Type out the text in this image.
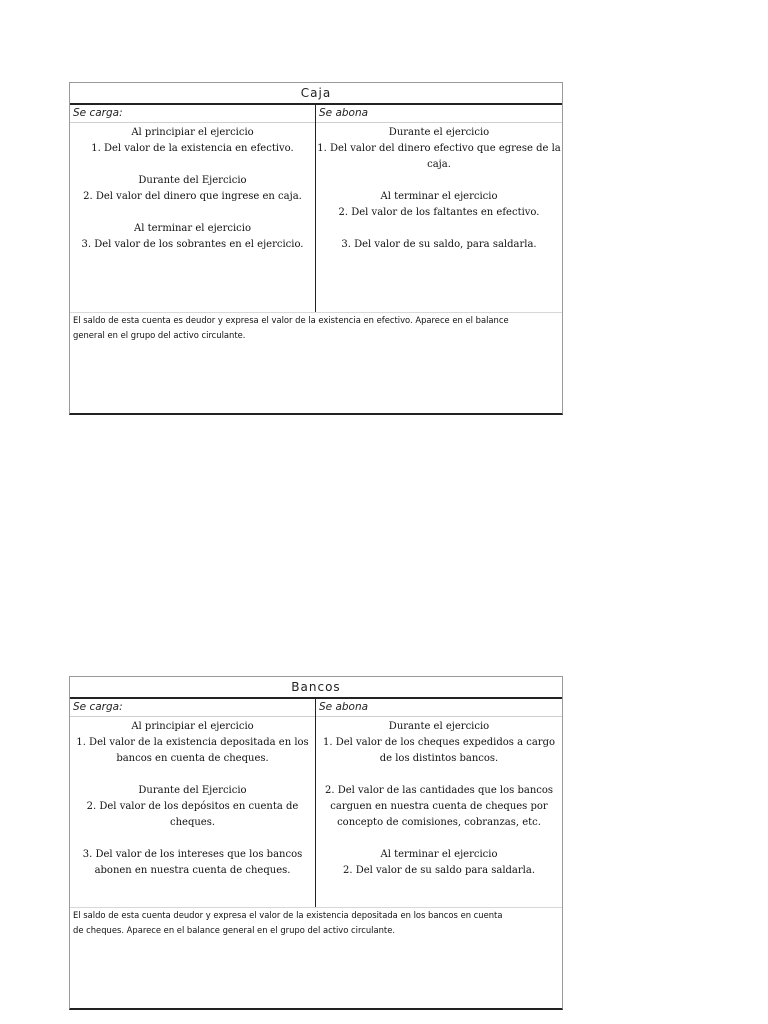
Caja
Se carga:
Al principiar el ejercicio
1. Del valor de la existencia en efectivo.
Durante del Ejercicio
2. Del valor del dinero que ingrese en caja.
Al terminar el ejercicio
3. Del valor de los sobrantes en el ejercicio.
Se abona
Durante el ejercicio
1. Del valor del dinero efectivo que egrese de la
caja.
Al terminar el ejercicio
2. Del valor de los faltantes en efectivo.
3. Del valor de su saldo, para saldarla.
El saldo de esta cuenta es deudor y expresa el valor de la existencia en efectivo. Aparece en el balance
general en el grupo del activo circulante.
Bancos
Se carga:
Al principiar el ejercicio
1. Del valor de la existencia depositada en los
bancos en cuenta de cheques.
Durante del Ejercicio
2. Del valor de los depósitos en cuenta de
cheques.
3. Del valor de los intereses que los bancos
abonen en nuestra cuenta de cheques.
Se abona
Durante el ejercicio
1. Del valor de los cheques expedidos a cargo
de los distintos bancos.
2. Del valor de las cantidades que los bancos
carguen en nuestra cuenta de cheques por
concepto de comisiones, cobranzas, etc.
Al terminar el ejercicio
2. Del valor de su saldo para saldarla.
El saldo de esta cuenta deudor y expresa el valor de la existencia depositada en los bancos en cuenta
de cheques. Aparece en el balance general en el grupo del activo circulante.
